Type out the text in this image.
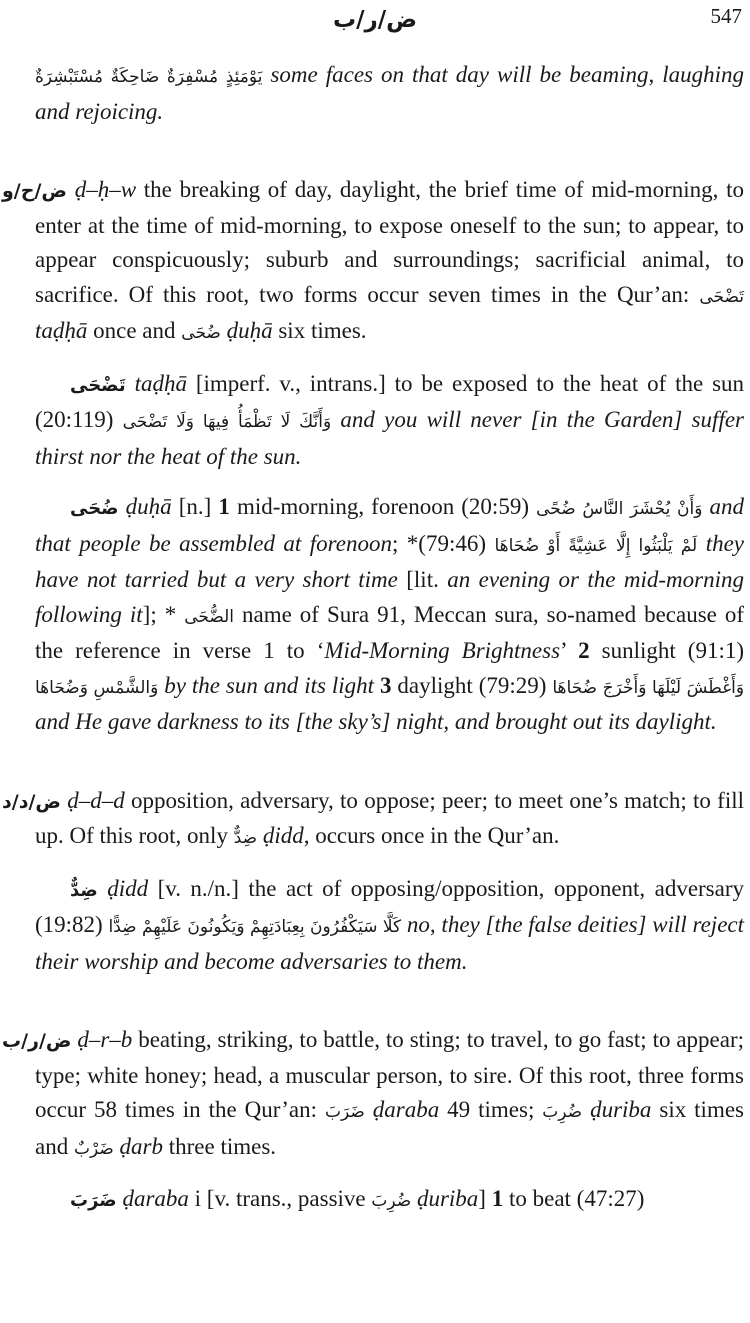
ض/ر/ب	547

يَوْمَئِذٍ مُسْفِرَةٌ ضَاحِكَةٌ مُسْتَبْشِرَةٌ some faces on that day will be beaming, laughing and rejoicing.

ض/ح/و ḍ–ḥ–w the breaking of day, daylight, the brief time of mid-morning, to enter at the time of mid-morning, to expose oneself to the sun; to appear, to appear conspicuously; suburb and surroundings; sacrificial animal, to sacrifice. Of this root, two forms occur seven times in the Qur’an: تَضْحَى taḍḥā once and ضُحَى ḍuḥā six times.

تَضْحَى taḍḥā [imperf. v., intrans.] to be exposed to the heat of the sun (20:119) وَأَنَّكَ لَا تَظْمَأُ فِيهَا وَلَا تَضْحَى and you will never [in the Garden] suffer thirst nor the heat of the sun.

ضُحَى ḍuḥā [n.] 1 mid-morning, forenoon (20:59) وَأَنْ يُحْشَرَ النَّاسُ ضُحًى and that people be assembled at forenoon; *(79:46) لَمْ يَلْبَثُوا إِلَّا عَشِيَّةً أَوْ ضُحَاهَا they have not tarried but a very short time [lit. an evening or the mid-morning following it]; * الضُّحَى name of Sura 91, Meccan sura, so-named because of the reference in verse 1 to ‘Mid-Morning Brightness’ 2 sunlight (91:1) وَالشَّمْسِ وَضُحَاهَا by the sun and its light 3 daylight (79:29) وَأَغْطَشَ لَيْلَهَا وَأَخْرَجَ ضُحَاهَا and He gave darkness to its [the sky’s] night, and brought out its daylight.

ض/د/د ḍ–d–d opposition, adversary, to oppose; peer; to meet one’s match; to fill up. Of this root, only ضِدٌّ ḍidd, occurs once in the Qur’an.

ضِدٌّ ḍidd [v. n./n.] the act of opposing/opposition, opponent, adversary (19:82) كَلَّا سَيَكْفُرُونَ بِعِبَادَتِهِمْ وَيَكُونُونَ عَلَيْهِمْ ضِدًّا no, they [the false deities] will reject their worship and become adversaries to them.

ض/ر/ب ḍ–r–b beating, striking, to battle, to sting; to travel, to go fast; to appear; type; white honey; head, a muscular person, to sire. Of this root, three forms occur 58 times in the Qur’an: ضَرَبَ ḍaraba 49 times; ضُرِبَ ḍuriba six times and ضَرْبٌ ḍarb three times.

ضَرَبَ ḍaraba i [v. trans., passive ضُرِبَ ḍuriba] 1 to beat (47:27)
